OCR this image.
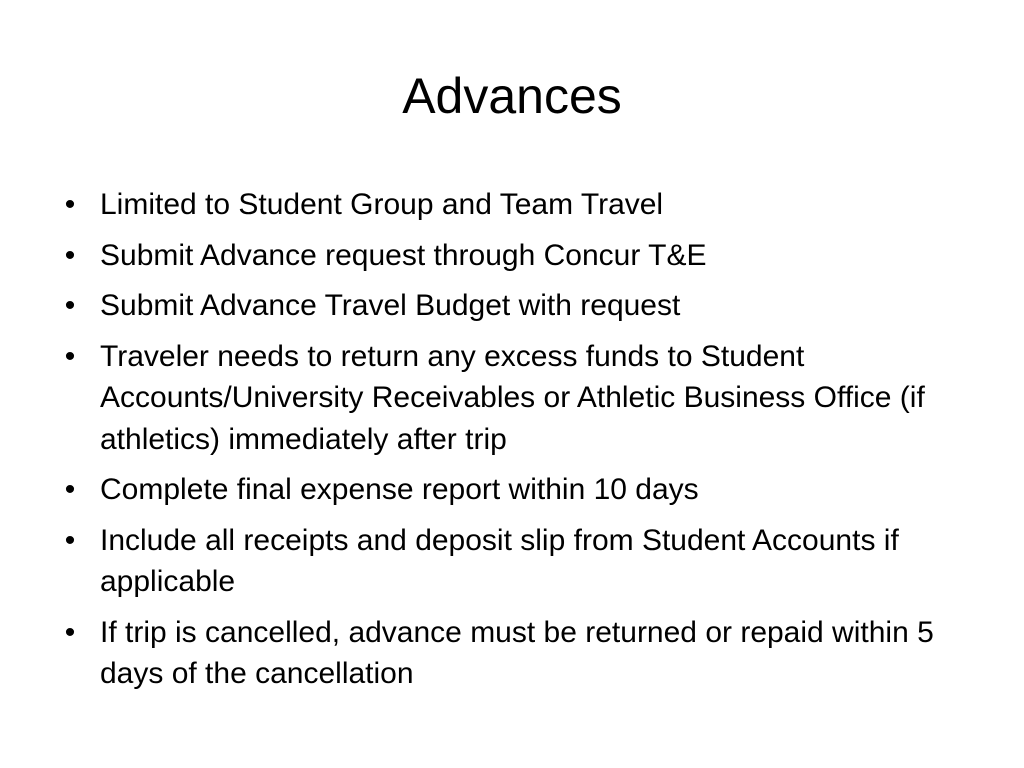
Advances
• Limited to Student Group and Team Travel
• Submit Advance request through Concur T&E
• Submit Advance Travel Budget with request
• Traveler needs to return any excess funds to Student Accounts/University Receivables or Athletic Business Office (if athletics) immediately after trip
• Complete final expense report within 10 days
• Include all receipts and deposit slip from Student Accounts if applicable
• If trip is cancelled, advance must be returned or repaid within 5 days of the cancellation
